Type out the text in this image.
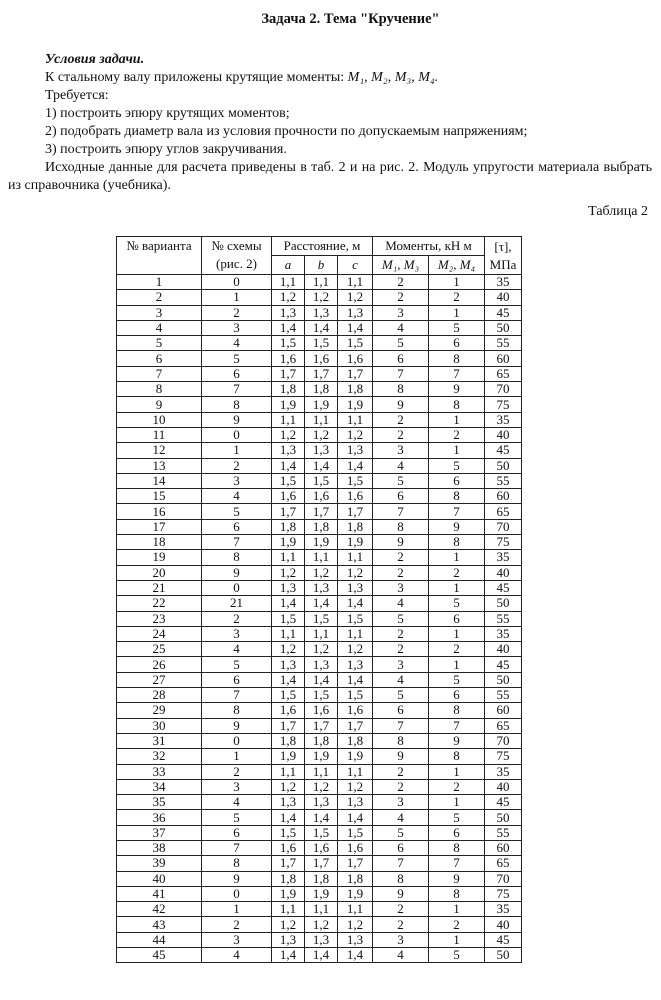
Задача 2. Тема "Кручение"

Условия задачи.

К стальному валу приложены крутящие моменты: M₁, M₂, M₃, M₄.

Требуется:

1) построить эпюру крутящих моментов;

2) подобрать диаметр вала из условия прочности по допускаемым напряжениям;

3) построить эпюру углов закручивания.

Исходные данные для расчета приведены в таб. 2 и на рис. 2. Модуль упругости материала выбрать из справочника (учебника).

Таблица 2
№ варианта	№ схемы (рис. 2)	Расстояние, м			Моменты, кН м		[τ], МПа
		a	b	c	M₁, M₃	M₂, M₄	
1	0	1,1	1,1	1,1	2	1	35
2	1	1,2	1,2	1,2	2	2	40
3	2	1,3	1,3	1,3	3	1	45
4	3	1,4	1,4	1,4	4	5	50
5	4	1,5	1,5	1,5	5	6	55
6	5	1,6	1,6	1,6	6	8	60
7	6	1,7	1,7	1,7	7	7	65
8	7	1,8	1,8	1,8	8	9	70
9	8	1,9	1,9	1,9	9	8	75
10	9	1,1	1,1	1,1	2	1	35
11	0	1,2	1,2	1,2	2	2	40
12	1	1,3	1,3	1,3	3	1	45
13	2	1,4	1,4	1,4	4	5	50
14	3	1,5	1,5	1,5	5	6	55
15	4	1,6	1,6	1,6	6	8	60
16	5	1,7	1,7	1,7	7	7	65
17	6	1,8	1,8	1,8	8	9	70
18	7	1,9	1,9	1,9	9	8	75
19	8	1,1	1,1	1,1	2	1	35
20	9	1,2	1,2	1,2	2	2	40
21	0	1,3	1,3	1,3	3	1	45
22	21	1,4	1,4	1,4	4	5	50
23	2	1,5	1,5	1,5	5	6	55
24	3	1,1	1,1	1,1	2	1	35
25	4	1,2	1,2	1,2	2	2	40
26	5	1,3	1,3	1,3	3	1	45
27	6	1,4	1,4	1,4	4	5	50
28	7	1,5	1,5	1,5	5	6	55
29	8	1,6	1,6	1,6	6	8	60
30	9	1,7	1,7	1,7	7	7	65
31	0	1,8	1,8	1,8	8	9	70
32	1	1,9	1,9	1,9	9	8	75
33	2	1,1	1,1	1,1	2	1	35
34	3	1,2	1,2	1,2	2	2	40
35	4	1,3	1,3	1,3	3	1	45
36	5	1,4	1,4	1,4	4	5	50
37	6	1,5	1,5	1,5	5	6	55
38	7	1,6	1,6	1,6	6	8	60
39	8	1,7	1,7	1,7	7	7	65
40	9	1,8	1,8	1,8	8	9	70
41	0	1,9	1,9	1,9	9	8	75
42	1	1,1	1,1	1,1	2	1	35
43	2	1,2	1,2	1,2	2	2	40
44	3	1,3	1,3	1,3	3	1	45
45	4	1,4	1,4	1,4	4	5	50
